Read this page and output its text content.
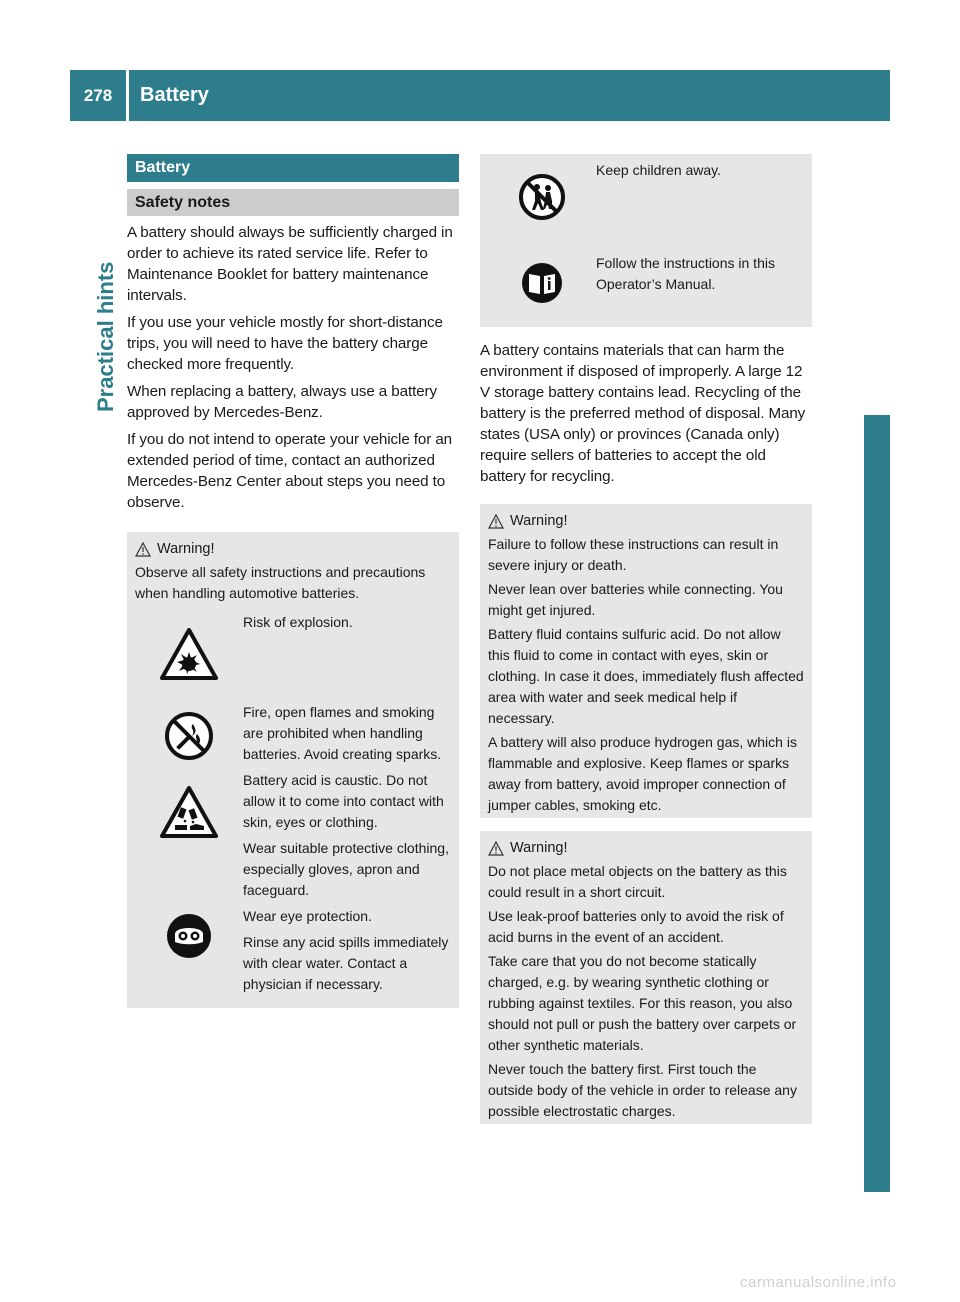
278	Battery
Practical hints
Battery
Safety notes

A battery should always be sufficiently charged in order to achieve its rated service life. Refer to Maintenance Booklet for battery maintenance intervals.

If you use your vehicle mostly for short-distance trips, you will need to have the battery charge checked more frequently.

When replacing a battery, always use a battery approved by Mercedes-Benz.

If you do not intend to operate your vehicle for an extended period of time, contact an authorized Mercedes-Benz Center about steps you need to observe.

Warning!

Observe all safety instructions and precautions when handling automotive batteries.

Risk of explosion.

Fire, open flames and smoking are prohibited when handling batteries. Avoid creating sparks.

Battery acid is caustic. Do not allow it to come into contact with skin, eyes or clothing.

Wear suitable protective clothing, especially gloves, apron and faceguard.

Wear eye protection.

Rinse any acid spills immediately with clear water. Contact a physician if necessary.

Keep children away.

Follow the instructions in this Operator’s Manual.

A battery contains materials that can harm the environment if disposed of improperly. A large 12 V storage battery contains lead. Recycling of the battery is the preferred method of disposal. Many states (USA only) or provinces (Canada only) require sellers of batteries to accept the old battery for recycling.

Warning!

Failure to follow these instructions can result in severe injury or death.

Never lean over batteries while connecting. You might get injured.

Battery fluid contains sulfuric acid. Do not allow this fluid to come in contact with eyes, skin or clothing. In case it does, immediately flush affected area with water and seek medical help if necessary.

A battery will also produce hydrogen gas, which is flammable and explosive. Keep flames or sparks away from battery, avoid improper connection of jumper cables, smoking etc.

Warning!

Do not place metal objects on the battery as this could result in a short circuit.

Use leak-proof batteries only to avoid the risk of acid burns in the event of an accident.

Take care that you do not become statically charged, e.g. by wearing synthetic clothing or rubbing against textiles. For this reason, you also should not pull or push the battery over carpets or other synthetic materials.

Never touch the battery first. First touch the outside body of the vehicle in order to release any possible electrostatic charges.

carmanualsonline.info
